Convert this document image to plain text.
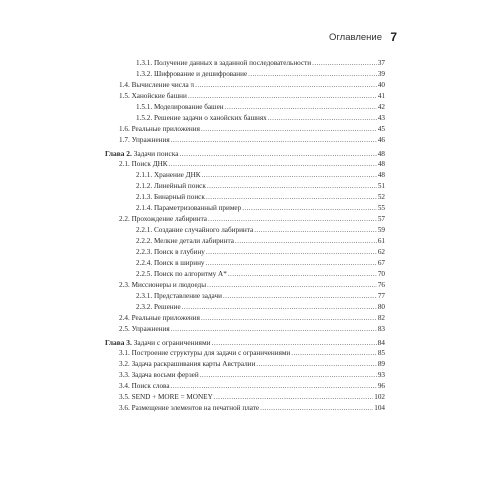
Оглавление 7
1.3.1. Получение данных в заданной последовательности .....	37
1.3.2. Шифрование и дешифрование .....	39
1.4. Вычисление числа π .....	40
1.5. Ханойские башни .....	41
1.5.1. Моделирование башен .....	42
1.5.2. Решение задачи о ханойских башнях .....	43
1.6. Реальные приложения .....	45
1.7. Упражнения .....	46
Глава 2. Задачи поиска .....	48
2.1. Поиск ДНК .....	48
2.1.1. Хранение ДНК .....	48
2.1.2. Линейный поиск .....	51
2.1.3. Бинарный поиск .....	52
2.1.4. Параметризованный пример .....	55
2.2. Прохождение лабиринта .....	57
2.2.1. Создание случайного лабиринта .....	59
2.2.2. Мелкие детали лабиринта .....	61
2.2.3. Поиск в глубину .....	62
2.2.4. Поиск в ширину .....	67
2.2.5. Поиск по алгоритму A* .....	70
2.3. Миссионеры и людоеды .....	76
2.3.1. Представление задачи .....	77
2.3.2. Решение .....	80
2.4. Реальные приложения .....	82
2.5. Упражнения .....	83
Глава 3. Задачи с ограничениями .....	84
3.1. Построение структуры для задачи с ограничениями .....	85
3.2. Задача раскрашивания карты Австралии .....	89
3.3. Задача восьми ферзей .....	93
3.4. Поиск слова .....	96
3.5. SEND + MORE = MONEY .....	102
3.6. Размещение элементов на печатной плате .....	104
